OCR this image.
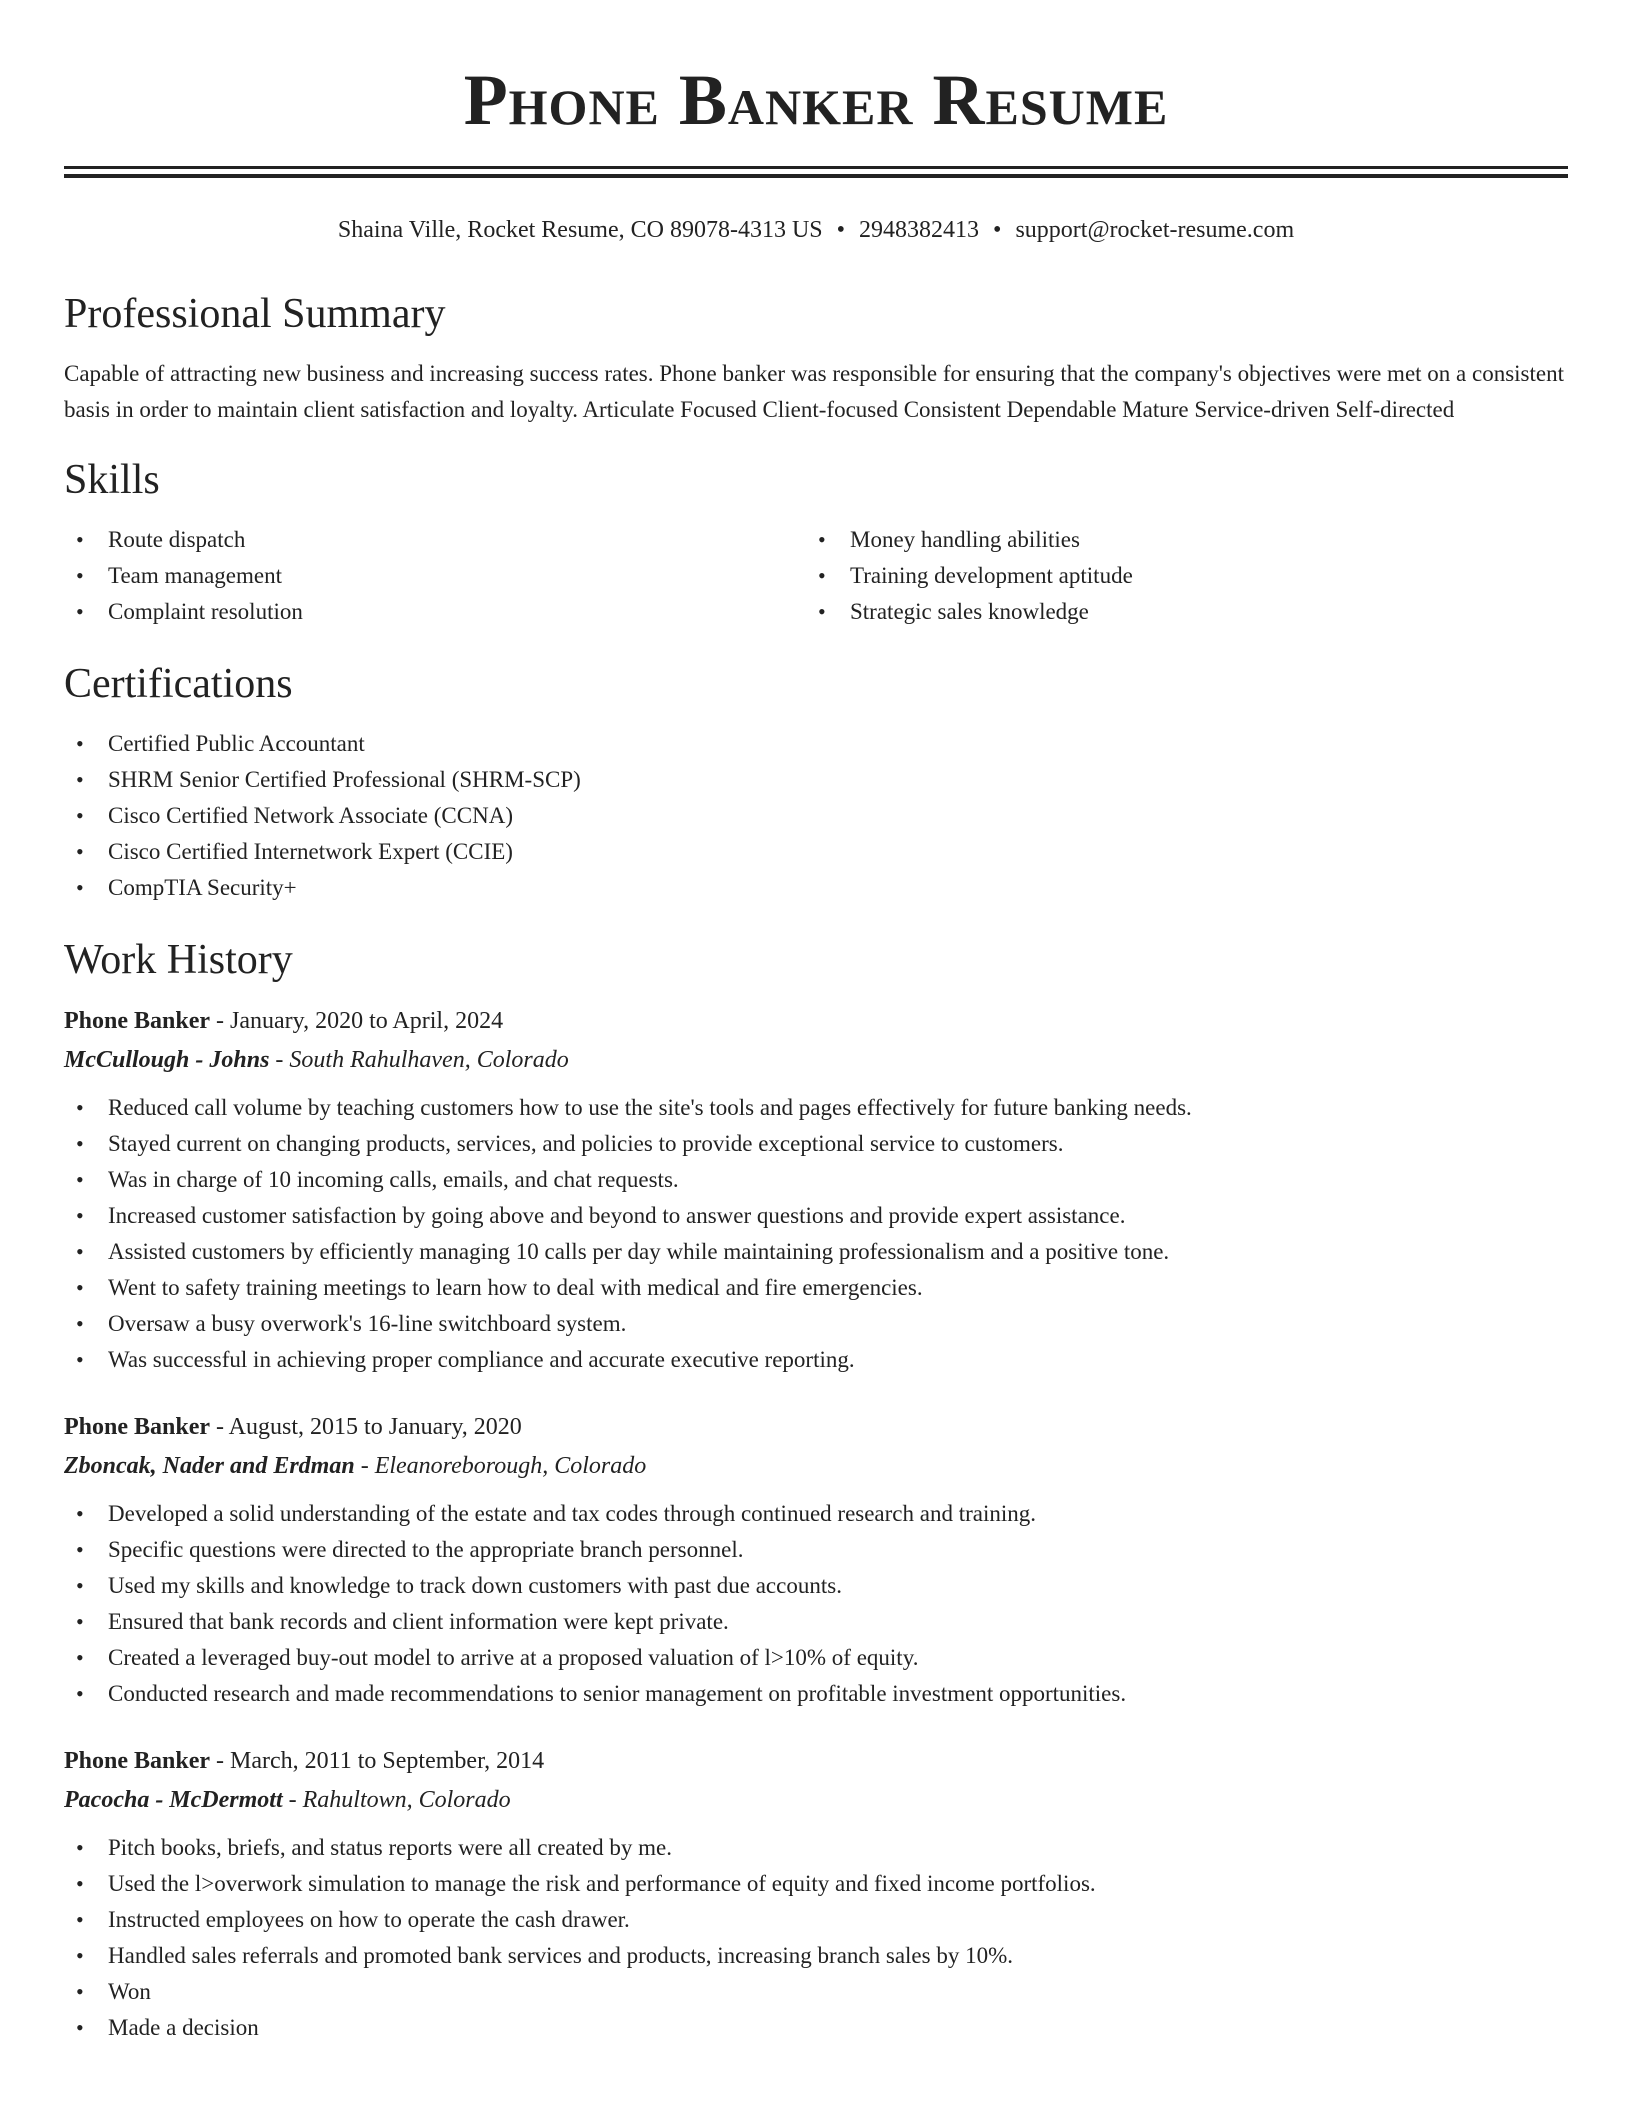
Phone Banker Resume
Shaina Ville, Rocket Resume, CO 89078-4313 US • 2948382413 • support@rocket-resume.com
Professional Summary
Capable of attracting new business and increasing success rates. Phone banker was responsible for ensuring that the company's objectives were met on a consistent basis in order to maintain client satisfaction and loyalty. Articulate Focused Client-focused Consistent Dependable Mature Service-driven Self-directed
Skills
• Route dispatch
• Team management
• Complaint resolution
• Money handling abilities
• Training development aptitude
• Strategic sales knowledge
Certifications
• Certified Public Accountant
• SHRM Senior Certified Professional (SHRM-SCP)
• Cisco Certified Network Associate (CCNA)
• Cisco Certified Internetwork Expert (CCIE)
• CompTIA Security+
Work History
Phone Banker - January, 2020 to April, 2024
McCullough - Johns - South Rahulhaven, Colorado
• Reduced call volume by teaching customers how to use the site's tools and pages effectively for future banking needs.
• Stayed current on changing products, services, and policies to provide exceptional service to customers.
• Was in charge of 10 incoming calls, emails, and chat requests.
• Increased customer satisfaction by going above and beyond to answer questions and provide expert assistance.
• Assisted customers by efficiently managing 10 calls per day while maintaining professionalism and a positive tone.
• Went to safety training meetings to learn how to deal with medical and fire emergencies.
• Oversaw a busy overwork's 16-line switchboard system.
• Was successful in achieving proper compliance and accurate executive reporting.
Phone Banker - August, 2015 to January, 2020
Zboncak, Nader and Erdman - Eleanoreborough, Colorado
• Developed a solid understanding of the estate and tax codes through continued research and training.
• Specific questions were directed to the appropriate branch personnel.
• Used my skills and knowledge to track down customers with past due accounts.
• Ensured that bank records and client information were kept private.
• Created a leveraged buy-out model to arrive at a proposed valuation of l>10% of equity.
• Conducted research and made recommendations to senior management on profitable investment opportunities.
Phone Banker - March, 2011 to September, 2014
Pacocha - McDermott - Rahultown, Colorado
• Pitch books, briefs, and status reports were all created by me.
• Used the l>overwork simulation to manage the risk and performance of equity and fixed income portfolios.
• Instructed employees on how to operate the cash drawer.
• Handled sales referrals and promoted bank services and products, increasing branch sales by 10%.
• Won
• Made a decision
